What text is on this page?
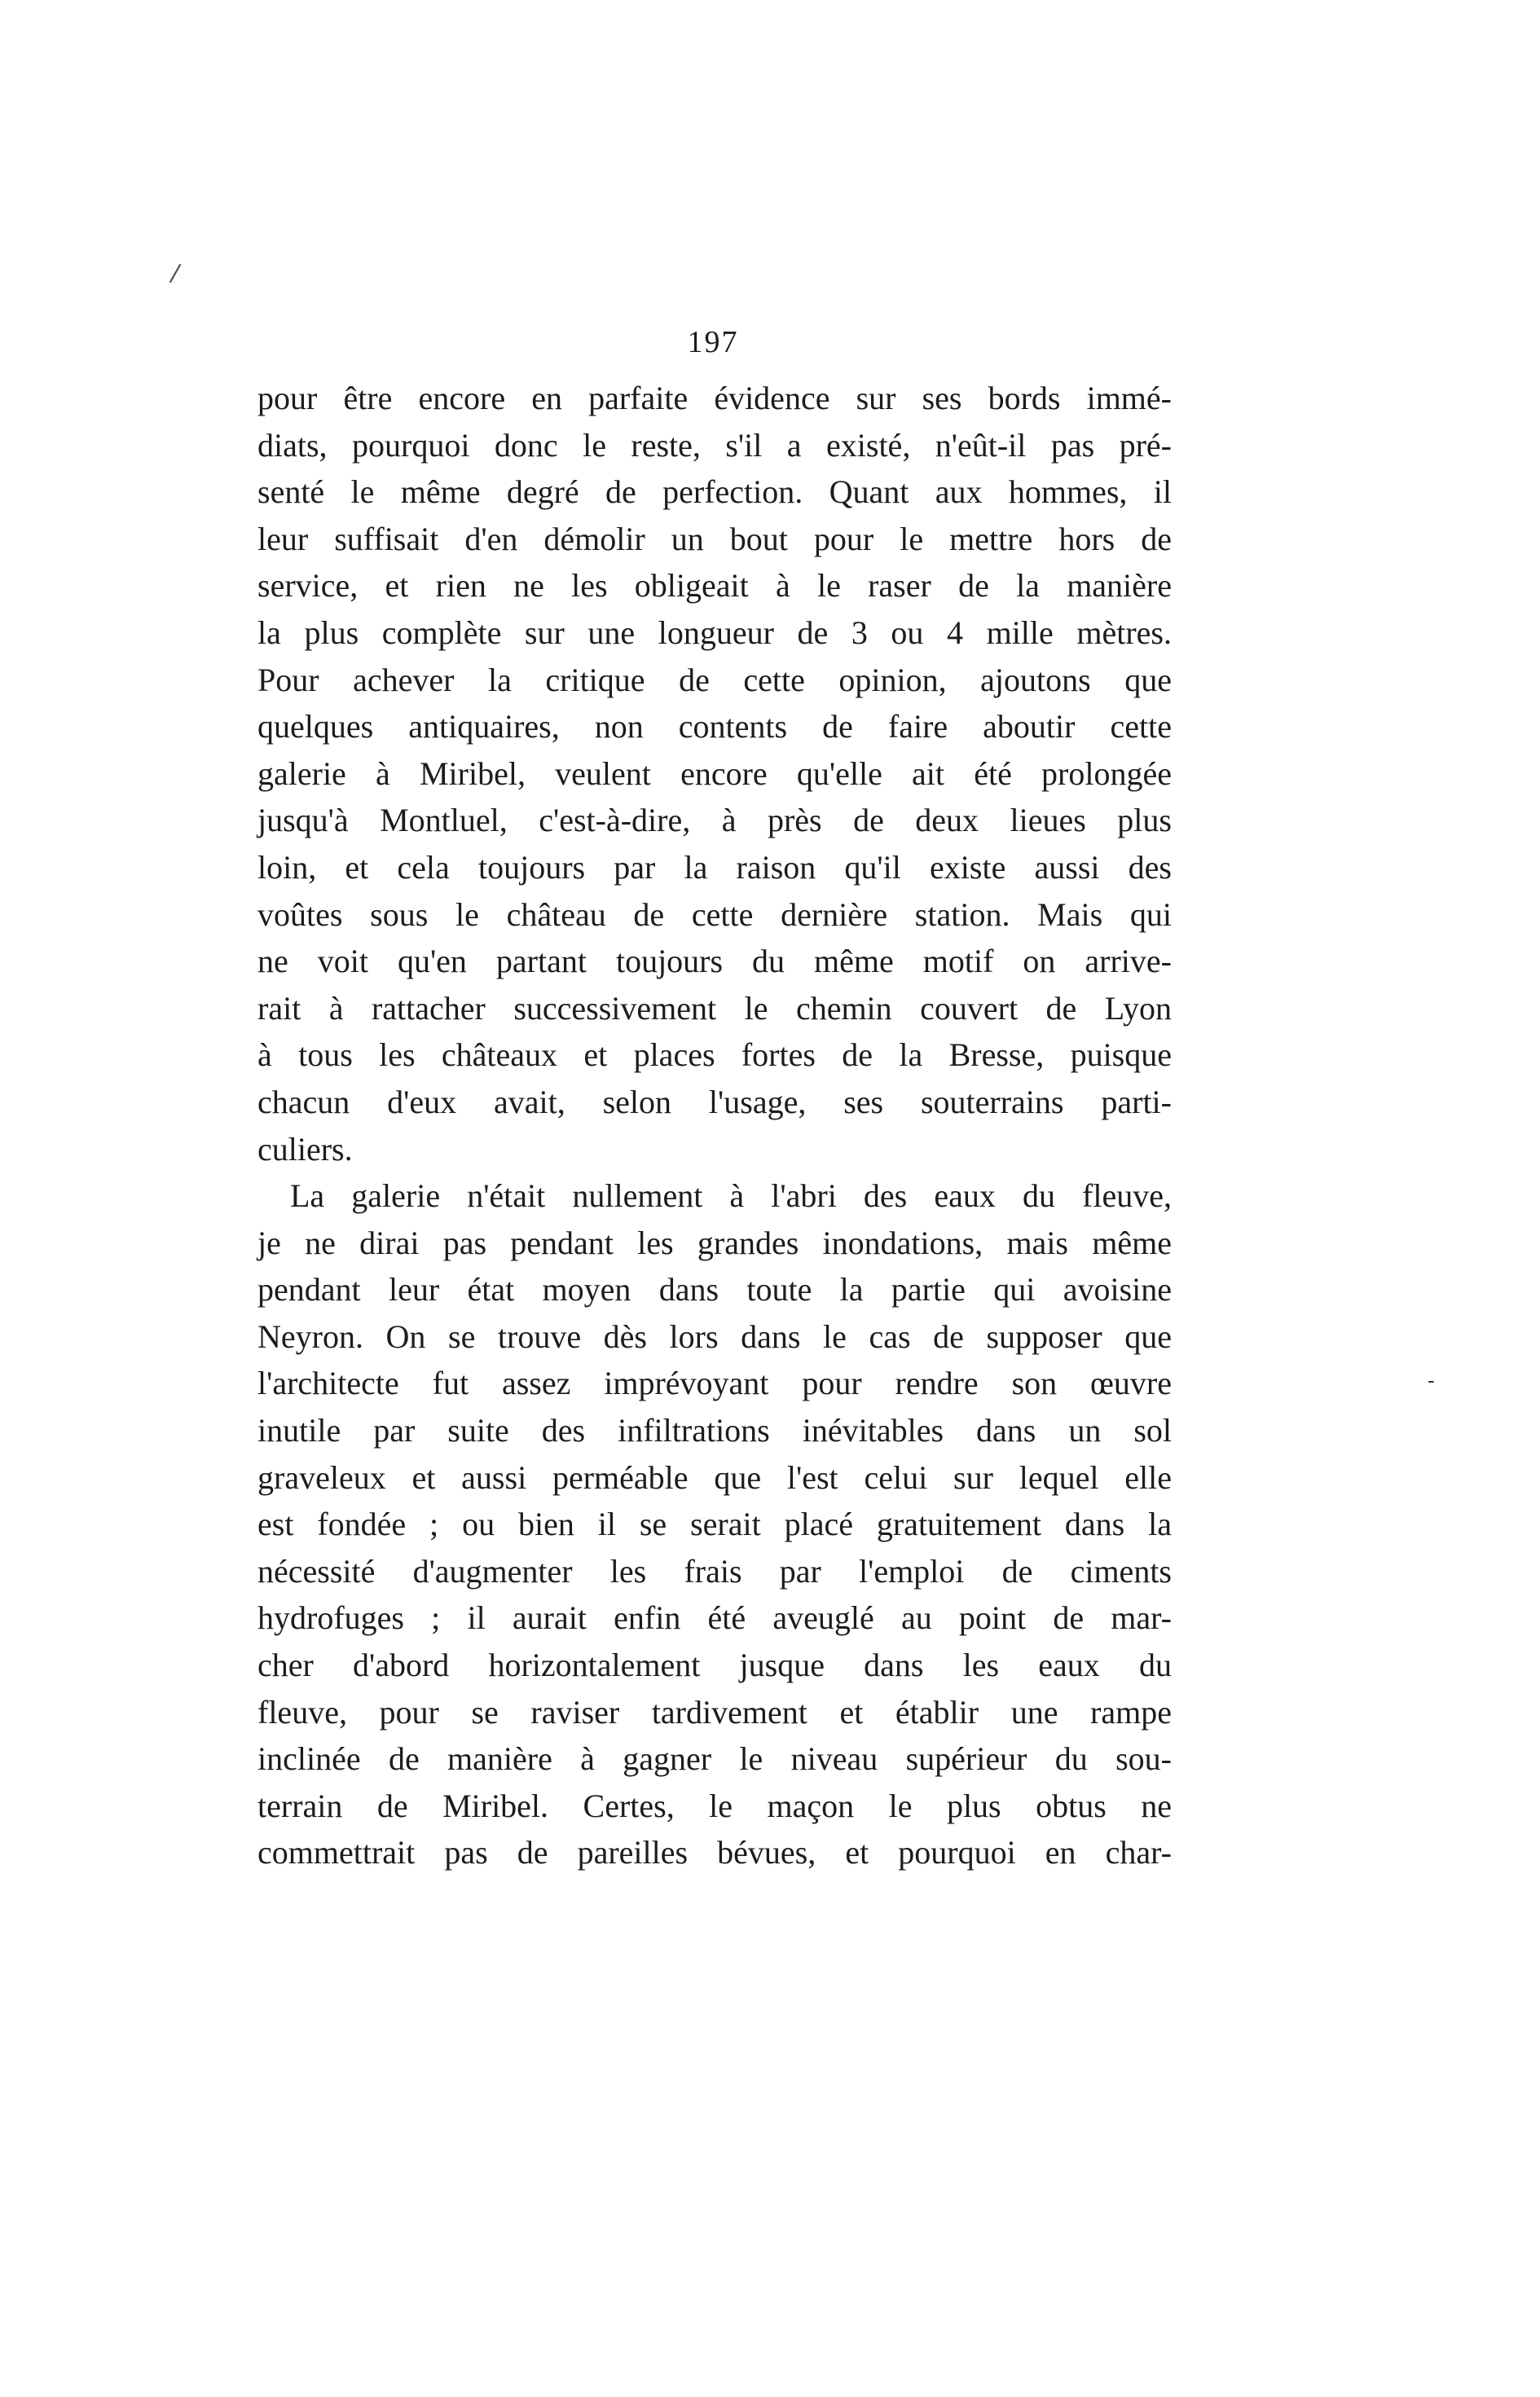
/
197
-
pour être encore en parfaite évidence sur ses bords immé-
diats, pourquoi donc le reste, s'il a existé, n'eût-il pas pré-
senté le même degré de perfection. Quant aux hommes, il
leur suffisait d'en démolir un bout pour le mettre hors de
service, et rien ne les obligeait à le raser de la manière
la plus complète sur une longueur de 3 ou 4 mille mètres.
Pour achever la critique de cette opinion, ajoutons que
quelques antiquaires, non contents de faire aboutir cette
galerie à Miribel, veulent encore qu'elle ait été prolongée
jusqu'à Montluel, c'est-à-dire, à près de deux lieues plus
loin, et cela toujours par la raison qu'il existe aussi des
voûtes sous le château de cette dernière station. Mais qui
ne voit qu'en partant toujours du même motif on arrive-
rait à rattacher successivement le chemin couvert de Lyon
à tous les châteaux et places fortes de la Bresse, puisque
chacun d'eux avait, selon l'usage, ses souterrains parti-
culiers.
La galerie n'était nullement à l'abri des eaux du fleuve,
je ne dirai pas pendant les grandes inondations, mais même
pendant leur état moyen dans toute la partie qui avoisine
Neyron. On se trouve dès lors dans le cas de supposer que
l'architecte fut assez imprévoyant pour rendre son œuvre
inutile par suite des infiltrations inévitables dans un sol
graveleux et aussi perméable que l'est celui sur lequel elle
est fondée ; ou bien il se serait placé gratuitement dans la
nécessité d'augmenter les frais par l'emploi de ciments
hydrofuges ; il aurait enfin été aveuglé au point de mar-
cher d'abord horizontalement jusque dans les eaux du
fleuve, pour se raviser tardivement et établir une rampe
inclinée de manière à gagner le niveau supérieur du sou-
terrain de Miribel. Certes, le maçon le plus obtus ne
commettrait pas de pareilles bévues, et pourquoi en char-
